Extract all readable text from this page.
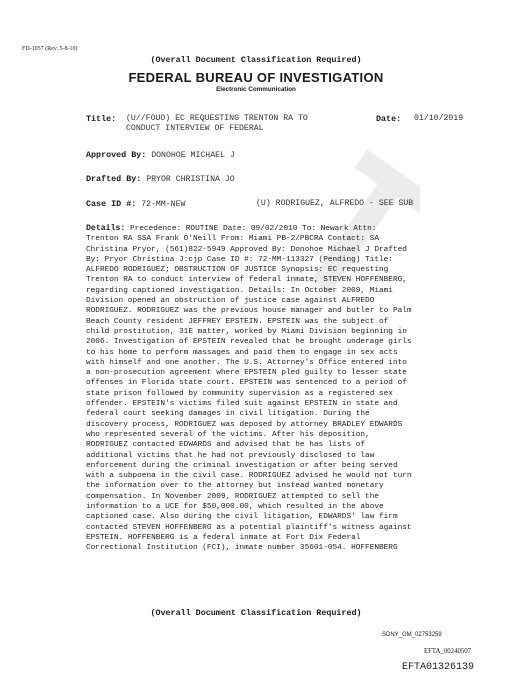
FD-1057 (Rev. 5-8-10)
(Overall Document Classification Required)
FEDERAL BUREAU OF INVESTIGATION
Electronic Communication
Title: (U//FOUO) EC REQUESTING TRENTON RA TO
CONDUCT INTERVIEW OF FEDERAL
Date: 01/10/2019
Approved By: DONOHOE MICHAEL J
Drafted By: PRYOR CHRISTINA JO
Case ID #: 72-MM-NEW	(U) RODRIGUEZ, ALFREDO - SEE SUB
Details: Precedence: ROUTINE Date: 09/02/2010 To: Newark Attn:
Trenton RA SSA Frank O'Neill From: Miami PB-2/PBCRA Contact: SA
Christina Pryor, (561)822-5949 Approved By: Donohoe Michael J Drafted
By: Pryor Christina J:cjp Case ID #: 72-MM-113327 (Pending) Title:
ALFREDO RODRIGUEZ; OBSTRUCTION OF JUSTICE Synopsis: EC requesting
Trenton RA to conduct interview of federal inmate, STEVEN HOFFENBERG,
regarding captioned investigation. Details: In October 2009, Miami
Division opened an obstruction of justice case against ALFREDO
RODRIGUEZ. RODRIGUEZ was the previous house manager and butler to Palm
Beach County resident JEFFREY EPSTEIN. EPSTEIN was the subject of
child prostitution, 31E matter, worked by Miami Division beginning in
2006. Investigation of EPSTEIN revealed that he brought underage girls
to his home to perform massages and paid them to engage in sex acts
with himself and one another. The U.S. Attorney's Office entered into
a non-prosecution agreement where EPSTEIN pled guilty to lesser state
offenses in Florida state court. EPSTEIN was sentenced to a period of
state prison followed by community supervision as a registered sex
offender. EPSTEIN's victims filed suit against EPSTEIN in state and
federal court seeking damages in civil litigation. During the
discovery process, RODRIGUEZ was deposed by attorney BRADLEY EDWARDS
who represented several of the victims. After his deposition,
RODRIGUEZ contacted EDWARDS and advised that he has lists of
additional victims that he had not previously disclosed to law
enforcement during the criminal investigation or after being served
with a subpoena in the civil case. RODRIGUEZ advised he would not turn
the information over to the attorney but instead wanted monetary
compensation. In November 2009, RODRIGUEZ attempted to sell the
information to a UCE for $50,000.00, which resulted in the above
captioned case. Also during the civil litigation, EDWARDS' law firm
contacted STEVEN HOFFENBERG as a potential plaintiff's witness against
EPSTEIN. HOFFENBERG is a federal inmate at Fort Dix Federal
Correctional Institution (FCI), inmate number 35601-054. HOFFENBERG
(Overall Document Classification Required)
SDNY_GM_02753259
EFTA_00240507
EFTA01326139
